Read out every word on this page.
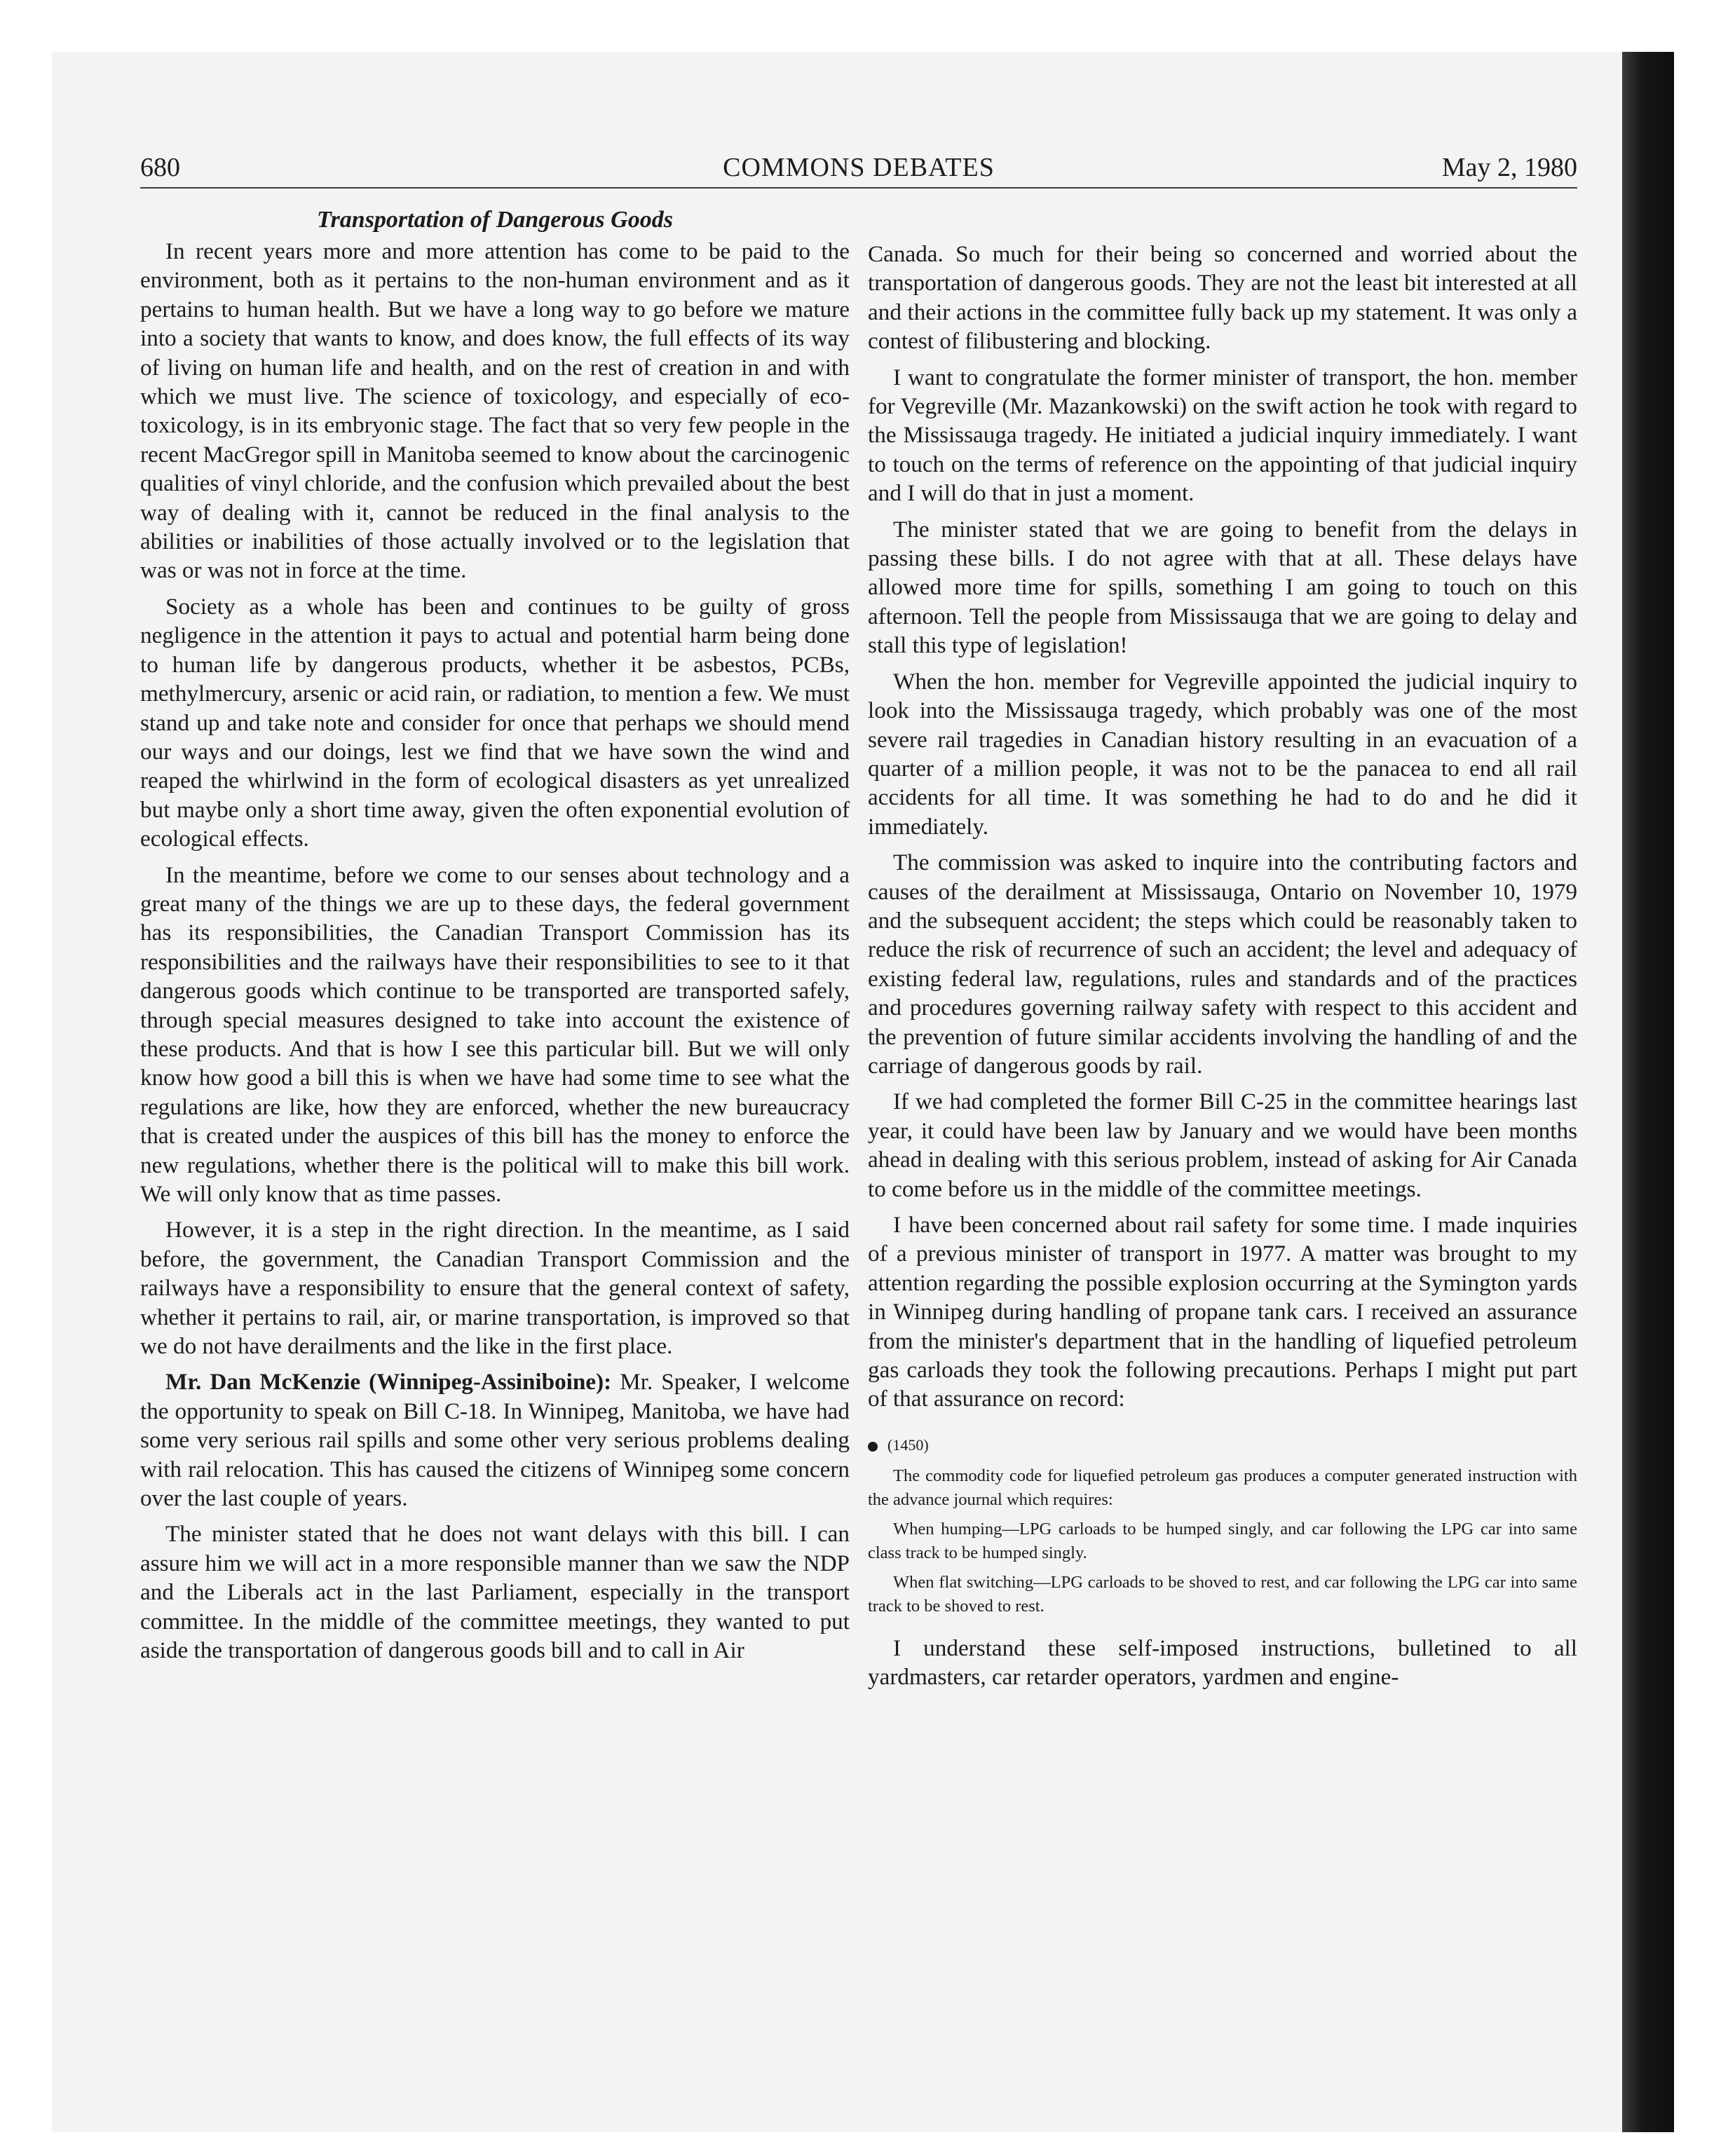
680	COMMONS DEBATES	May 2, 1980
Transportation of Dangerous Goods

In recent years more and more attention has come to be paid to the environment, both as it pertains to the non-human environment and as it pertains to human health. But we have a long way to go before we mature into a society that wants to know, and does know, the full effects of its way of living on human life and health, and on the rest of creation in and with which we must live. The science of toxicology, and especially of eco-toxicology, is in its embryonic stage. The fact that so very few people in the recent MacGregor spill in Manitoba seemed to know about the carcinogenic qualities of vinyl chloride, and the confusion which prevailed about the best way of dealing with it, cannot be reduced in the final analysis to the abilities or inabilities of those actually involved or to the legislation that was or was not in force at the time.

Society as a whole has been and continues to be guilty of gross negligence in the attention it pays to actual and potential harm being done to human life by dangerous products, whether it be asbestos, PCBs, methylmercury, arsenic or acid rain, or radiation, to mention a few. We must stand up and take note and consider for once that perhaps we should mend our ways and our doings, lest we find that we have sown the wind and reaped the whirlwind in the form of ecological disasters as yet unrealized but maybe only a short time away, given the often exponential evolution of ecological effects.

In the meantime, before we come to our senses about technology and a great many of the things we are up to these days, the federal government has its responsibilities, the Canadian Transport Commission has its responsibilities and the railways have their responsibilities to see to it that dangerous goods which continue to be transported are transported safely, through special measures designed to take into account the existence of these products. And that is how I see this particular bill. But we will only know how good a bill this is when we have had some time to see what the regulations are like, how they are enforced, whether the new bureaucracy that is created under the auspices of this bill has the money to enforce the new regulations, whether there is the political will to make this bill work. We will only know that as time passes.

However, it is a step in the right direction. In the meantime, as I said before, the government, the Canadian Transport Commission and the railways have a responsibility to ensure that the general context of safety, whether it pertains to rail, air, or marine transportation, is improved so that we do not have derailments and the like in the first place.

Mr. Dan McKenzie (Winnipeg-Assiniboine): Mr. Speaker, I welcome the opportunity to speak on Bill C-18. In Winnipeg, Manitoba, we have had some very serious rail spills and some other very serious problems dealing with rail relocation. This has caused the citizens of Winnipeg some concern over the last couple of years.

The minister stated that he does not want delays with this bill. I can assure him we will act in a more responsible manner than we saw the NDP and the Liberals act in the last Parliament, especially in the transport committee. In the middle of the committee meetings, they wanted to put aside the transportation of dangerous goods bill and to call in Air

Canada. So much for their being so concerned and worried about the transportation of dangerous goods. They are not the least bit interested at all and their actions in the committee fully back up my statement. It was only a contest of filibustering and blocking.

I want to congratulate the former minister of transport, the hon. member for Vegreville (Mr. Mazankowski) on the swift action he took with regard to the Mississauga tragedy. He initiated a judicial inquiry immediately. I want to touch on the terms of reference on the appointing of that judicial inquiry and I will do that in just a moment.

The minister stated that we are going to benefit from the delays in passing these bills. I do not agree with that at all. These delays have allowed more time for spills, something I am going to touch on this afternoon. Tell the people from Mississauga that we are going to delay and stall this type of legislation!

When the hon. member for Vegreville appointed the judicial inquiry to look into the Mississauga tragedy, which probably was one of the most severe rail tragedies in Canadian history resulting in an evacuation of a quarter of a million people, it was not to be the panacea to end all rail accidents for all time. It was something he had to do and he did it immediately.

The commission was asked to inquire into the contributing factors and causes of the derailment at Mississauga, Ontario on November 10, 1979 and the subsequent accident; the steps which could be reasonably taken to reduce the risk of recurrence of such an accident; the level and adequacy of existing federal law, regulations, rules and standards and of the practices and procedures governing railway safety with respect to this accident and the prevention of future similar accidents involving the handling of and the carriage of dangerous goods by rail.

If we had completed the former Bill C-25 in the committee hearings last year, it could have been law by January and we would have been months ahead in dealing with this serious problem, instead of asking for Air Canada to come before us in the middle of the committee meetings.

I have been concerned about rail safety for some time. I made inquiries of a previous minister of transport in 1977. A matter was brought to my attention regarding the possible explosion occurring at the Symington yards in Winnipeg during handling of propane tank cars. I received an assurance from the minister's department that in the handling of liquefied petroleum gas carloads they took the following precautions. Perhaps I might put part of that assurance on record:

(1450)

The commodity code for liquefied petroleum gas produces a computer generated instruction with the advance journal which requires:

When humping—LPG carloads to be humped singly, and car following the LPG car into same class track to be humped singly.

When flat switching—LPG carloads to be shoved to rest, and car following the LPG car into same track to be shoved to rest.

I understand these self-imposed instructions, bulletined to all yardmasters, car retarder operators, yardmen and engine-
